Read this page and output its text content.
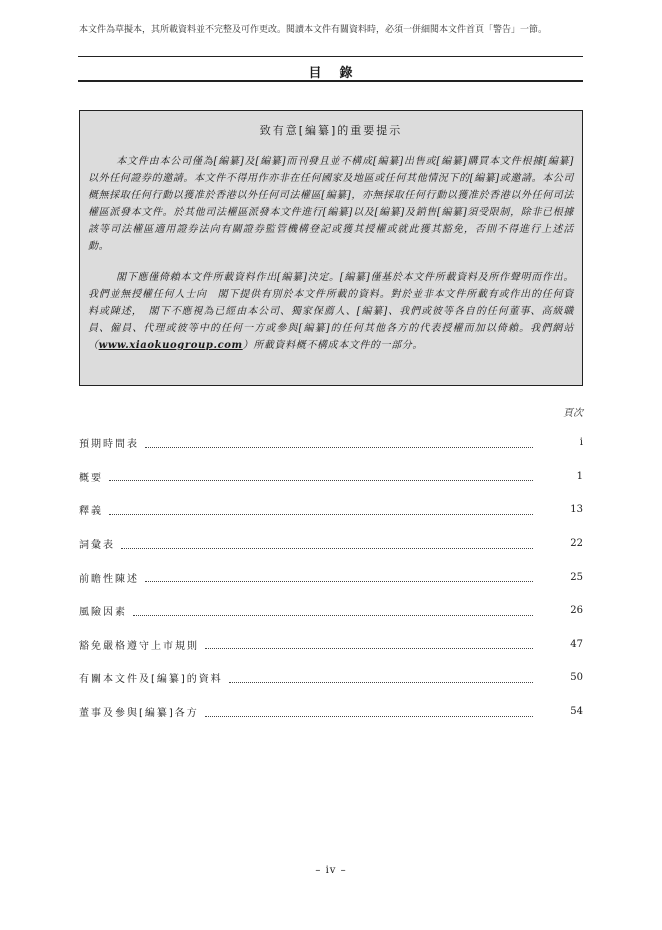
本文件為草擬本，其所載資料並不完整及可作更改。閱讀本文件有關資料時，必須一併細閱本文件首頁「警告」一節。
目錄
致有意[編纂]的重要提示

本文件由本公司僅為[編纂]及[編纂]而刊發且並不構成[編纂]出售或[編纂]購買本文件根據[編纂]以外任何證券的邀請。本文件不得用作亦非在任何國家及地區或任何其他情況下的[編纂]或邀請。本公司概無採取任何行動以獲准於香港以外任何司法權區[編纂]，亦無採取任何行動以獲准於香港以外任何司法權區派發本文件。於其他司法權區派發本文件進行[編纂]以及[編纂]及銷售[編纂]須受限制，除非已根據該等司法權區適用證券法向有關證券監管機構登記或獲其授權或就此獲其豁免，否則不得進行上述活動。

閣下應僅倚賴本文件所載資料作出[編纂]決定。[編纂]僅基於本文件所載資料及所作聲明而作出。我們並無授權任何人士向　閣下提供有別於本文件所載的資料。對於並非本文件所載有或作出的任何資料或陳述，　閣下不應視為已經由本公司、獨家保薦人、[編纂]、我們或彼等各自的任何董事、高級職員、僱員、代理或彼等中的任何一方或參與[編纂]的任何其他各方的代表授權而加以倚賴。我們網站（www.xiaokuogroup.com）所載資料概不構成本文件的一部分。

頁次
預期時間表	i
概要	1
釋義	13
詞彙表	22
前瞻性陳述	25
風險因素	26
豁免嚴格遵守上市規則	47
有關本文件及[編纂]的資料	50
董事及參與[編纂]各方	54
– iv –
